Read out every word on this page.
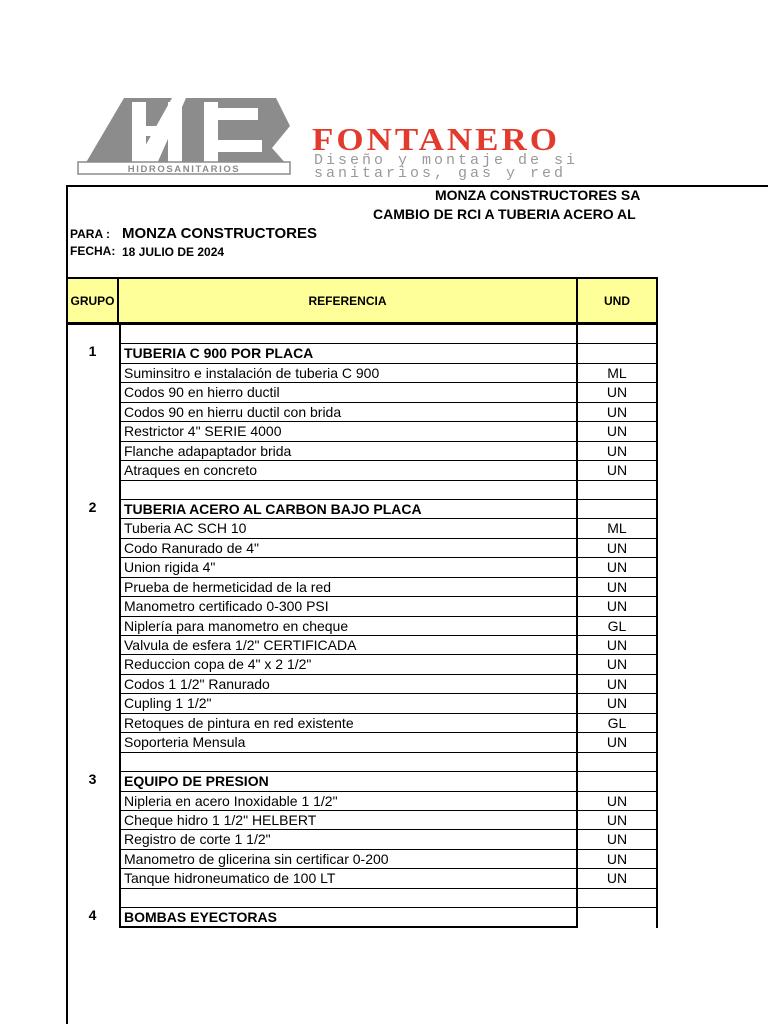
HIDROSANITARIOS
FONTANERO
Diseño y montaje de si
sanitarios, gas y red
MONZA CONSTRUCTORES SA
CAMBIO DE RCI A TUBERIA ACERO AL
PARA : MONZA CONSTRUCTORES
FECHA: 18 JULIO DE 2024
GRUPO	REFERENCIA	UND
1	TUBERIA C 900 POR PLACA
Suminsitro e instalación de tuberia C 900	ML
Codos 90 en hierro ductil	UN
Codos 90 en hierru ductil con brida	UN
Restrictor 4" SERIE 4000	UN
Flanche adapaptador brida	UN
Atraques en concreto	UN
2	TUBERIA ACERO AL CARBON BAJO PLACA
Tuberia AC SCH 10	ML
Codo Ranurado de 4"	UN
Union rigida 4"	UN
Prueba de hermeticidad de la red	UN
Manometro certificado 0-300 PSI	UN
Niplería para manometro en cheque	GL
Valvula de esfera 1/2" CERTIFICADA	UN
Reduccion copa de 4" x 2 1/2"	UN
Codos 1 1/2" Ranurado	UN
Cupling 1 1/2"	UN
Retoques de pintura en red existente	GL
Soporteria Mensula	UN
3	EQUIPO DE PRESION
Nipleria en acero Inoxidable 1 1/2"	UN
Cheque hidro 1 1/2" HELBERT	UN
Registro de corte 1 1/2"	UN
Manometro de glicerina sin certificar 0-200	UN
Tanque hidroneumatico de 100 LT	UN
4	BOMBAS EYECTORAS
